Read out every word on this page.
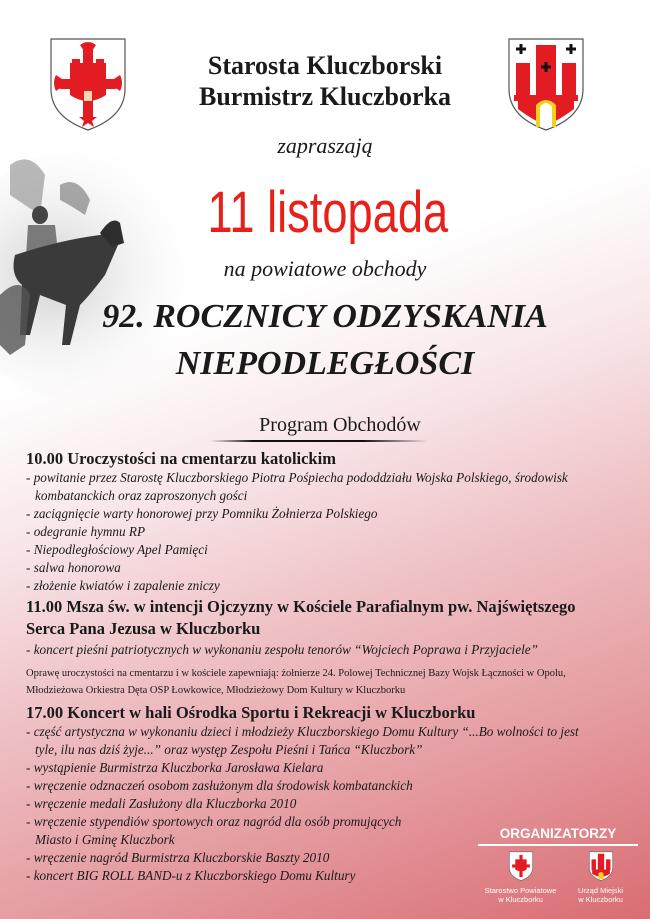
Starosta Kluczborski
Burmistrz Kluczborka
zapraszają
11 listopada
na powiatowe obchody
92. ROCZNICY ODZYSKANIA
NIEPODLEGŁOŚCI
Program Obchodów
10.00 Uroczystości na cmentarzu katolickim
- powitanie przez Starostę Kluczborskiego Piotra Pośpiecha pododdziału Wojska Polskiego, środowisk
kombatanckich oraz zaproszonych gości
- zaciągnięcie warty honorowej przy Pomniku Żołnierza Polskiego
- odegranie hymnu RP
- Niepodległościowy Apel Pamięci
- salwa honorowa
- złożenie kwiatów i zapalenie zniczy
11.00 Msza św. w intencji Ojczyzny w Kościele Parafialnym pw. Najświętszego
Serca Pana Jezusa w Kluczborku
- koncert pieśni patriotycznych w wykonaniu zespołu tenorów “Wojciech Poprawa i Przyjaciele”
Oprawę uroczystości na cmentarzu i w kościele zapewniają: żołnierze 24. Polowej Technicznej Bazy Wojsk Łączności w Opolu,
Młodzieżowa Orkiestra Dęta OSP Łowkowice, Młodzieżowy Dom Kultury w Kluczborku
17.00 Koncert w hali Ośrodka Sportu i Rekreacji w Kluczborku
- część artystyczna w wykonaniu dzieci i młodzieży Kluczborskiego Domu Kultury “...Bo wolności to jest
tyle, ilu nas dziś żyje...” oraz występ Zespołu Pieśni i Tańca “Kluczbork”
- wystąpienie Burmistrza Kluczborka Jarosława Kielara
- wręczenie odznaczeń osobom zasłużonym dla środowisk kombatanckich
- wręczenie medali Zasłużony dla Kluczborka 2010
- wręczenie stypendiów sportowych oraz nagród dla osób promujących
Miasto i Gminę Kluczbork
- wręczenie nagród Burmistrza Kluczborskie Baszty 2010
- koncert BIG ROLL BAND-u z Kluczborskiego Domu Kultury
ORGANIZATORZY
Starostwo Powiatowe
w Kluczborku
Urząd Miejski
w Kluczborku
